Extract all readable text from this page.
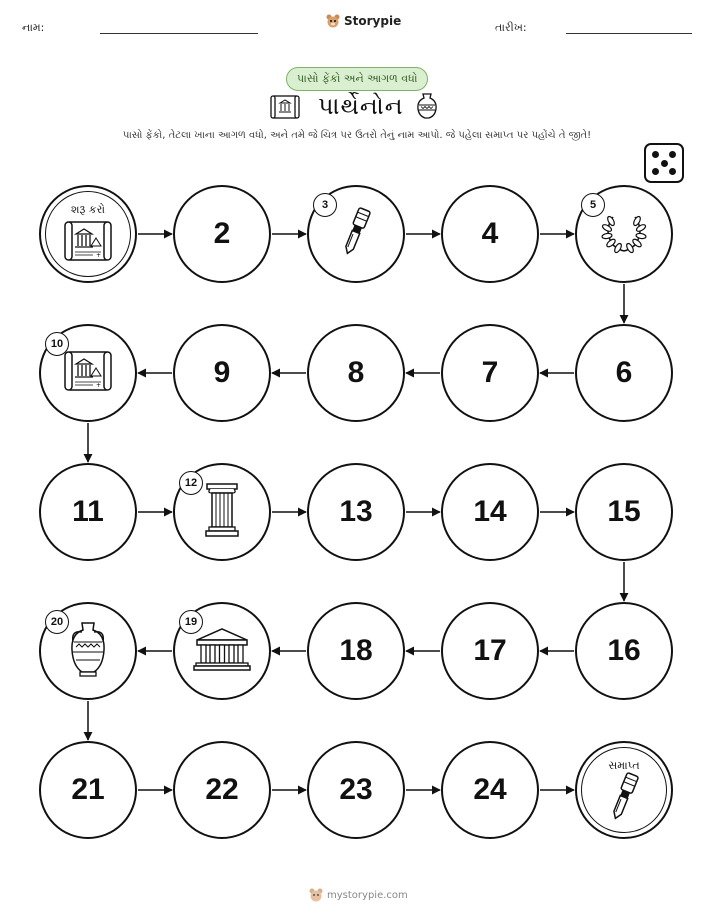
નામ:	Storypie	તારીખ:
પાસો ફેંકો અને આગળ વધો
પાર્થેનોન
પાસો ફેંકો, તેટલા ખાના આગળ વધો, અને તમે જે ચિત્ર પર ઉતરો તેનું નામ આપો. જે પહેલા સમાપ્ત પર પહોંચે તે જીતે!
શરૂ કરો
+
2
3
4
5
6
7
8
9
+
10
11
12
13	14	15
16
17
18
19
20
21	22	23	24
સમાપ્ત
mystorypie.com
